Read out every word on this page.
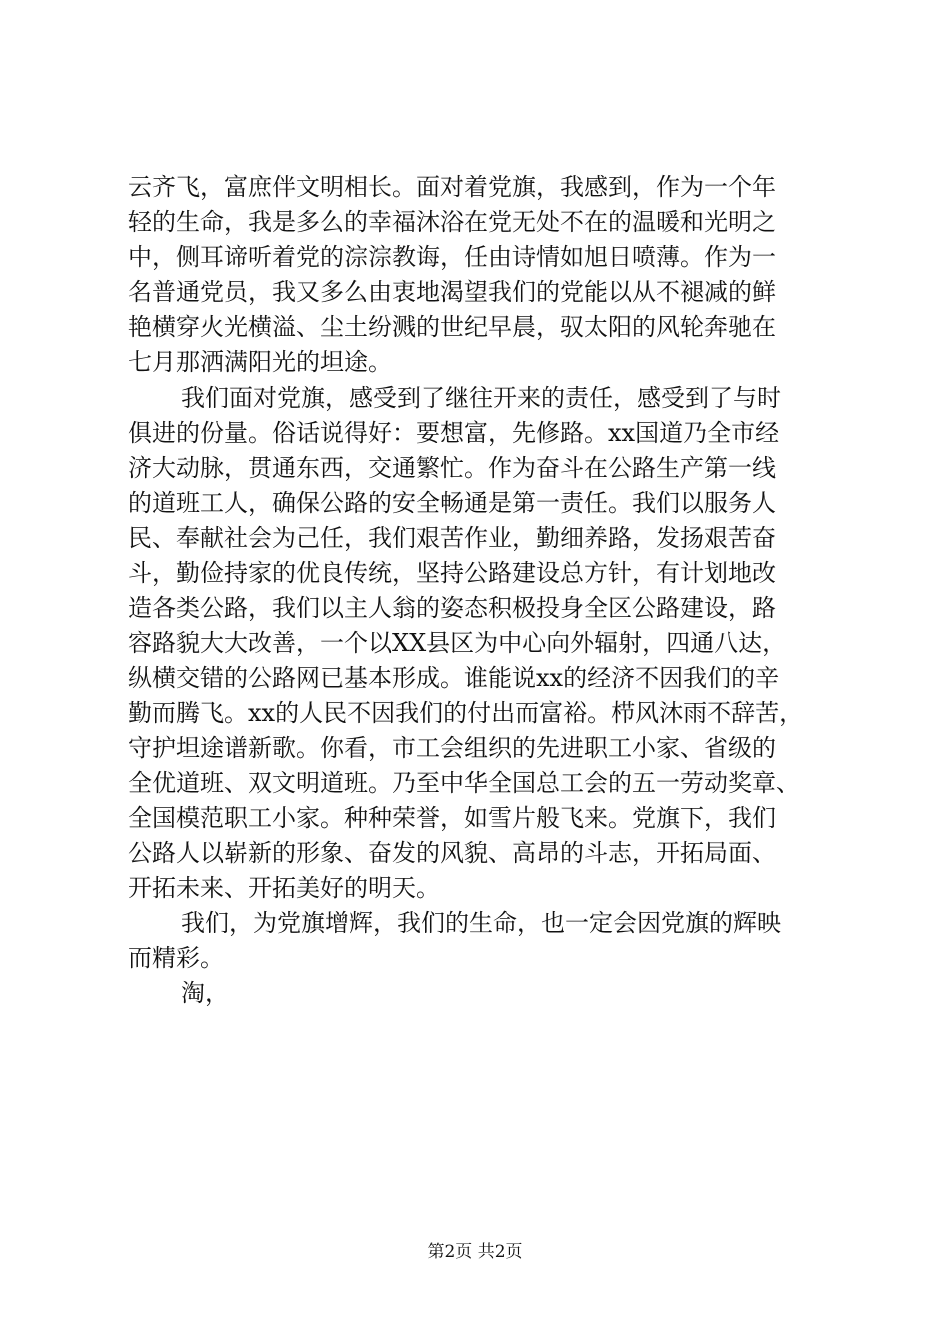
云齐飞，富庶伴文明相长。面对着党旗，我感到，作为一个年
轻的生命，我是多么的幸福沐浴在党无处不在的温暖和光明之
中，侧耳谛听着党的淙淙教诲，任由诗情如旭日喷薄。作为一
名普通党员，我又多么由衷地渴望我们的党能以从不褪减的鲜
艳横穿火光横溢、尘土纷溅的世纪早晨，驭太阳的风轮奔驰在
七月那洒满阳光的坦途。
我们面对党旗，感受到了继往开来的责任，感受到了与时
俱进的份量。俗话说得好：要想富，先修路。xx国道乃全市经
济大动脉，贯通东西，交通繁忙。作为奋斗在公路生产第一线
的道班工人，确保公路的安全畅通是第一责任。我们以服务人
民、奉献社会为己任，我们艰苦作业，勤细养路，发扬艰苦奋
斗，勤俭持家的优良传统，坚持公路建设总方针，有计划地改
造各类公路，我们以主人翁的姿态积极投身全区公路建设，路
容路貌大大改善，一个以XX县区为中心向外辐射，四通八达，
纵横交错的公路网已基本形成。谁能说xx的经济不因我们的辛
勤而腾飞。xx的人民不因我们的付出而富裕。栉风沐雨不辞苦，
守护坦途谱新歌。你看，市工会组织的先进职工小家、省级的
全优道班、双文明道班。乃至中华全国总工会的五一劳动奖章、
全国模范职工小家。种种荣誉，如雪片般飞来。党旗下，我们
公路人以崭新的形象、奋发的风貌、高昂的斗志，开拓局面、
开拓未来、开拓美好的明天。
我们，为党旗增辉，我们的生命，也一定会因党旗的辉映
而精彩。
淘，
第2页 共2页
